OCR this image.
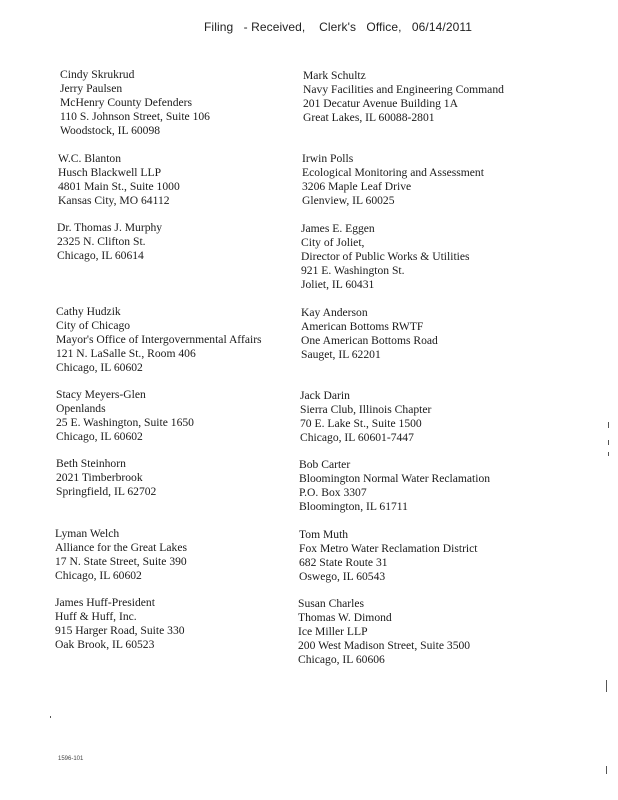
Filing   - Received,    Clerk's   Office,   06/14/2011
Cindy Skrukrud
Jerry Paulsen
McHenry County Defenders
110 S. Johnson Street, Suite 106
Woodstock, IL 60098
W.C. Blanton
Husch Blackwell LLP
4801 Main St., Suite 1000
Kansas City, MO 64112
Dr. Thomas J. Murphy
2325 N. Clifton St.
Chicago, IL 60614
Cathy Hudzik
City of Chicago
Mayor's Office of Intergovernmental Affairs
121 N. LaSalle St., Room 406
Chicago, IL 60602
Stacy Meyers-Glen
Openlands
25 E. Washington, Suite 1650
Chicago, IL 60602
Beth Steinhorn
2021 Timberbrook
Springfield, IL 62702
Lyman Welch
Alliance for the Great Lakes
17 N. State Street, Suite 390
Chicago, IL 60602
James Huff-President
Huff & Huff, Inc.
915 Harger Road, Suite 330
Oak Brook, IL 60523
Mark Schultz
Navy Facilities and Engineering Command
201 Decatur Avenue Building 1A
Great Lakes, IL 60088-2801
Irwin Polls
Ecological Monitoring and Assessment
3206 Maple Leaf Drive
Glenview, IL 60025
James E. Eggen
City of Joliet,
Director of Public Works & Utilities
921 E. Washington St.
Joliet, IL 60431
Kay Anderson
American Bottoms RWTF
One American Bottoms Road
Sauget, IL 62201
Jack Darin
Sierra Club, Illinois Chapter
70 E. Lake St., Suite 1500
Chicago, IL 60601-7447
Bob Carter
Bloomington Normal Water Reclamation
P.O. Box 3307
Bloomington, IL 61711
Tom Muth
Fox Metro Water Reclamation District
682 State Route 31
Oswego, IL 60543
Susan Charles
Thomas W. Dimond
Ice Miller LLP
200 West Madison Street, Suite 3500
Chicago, IL 60606
1596-101
